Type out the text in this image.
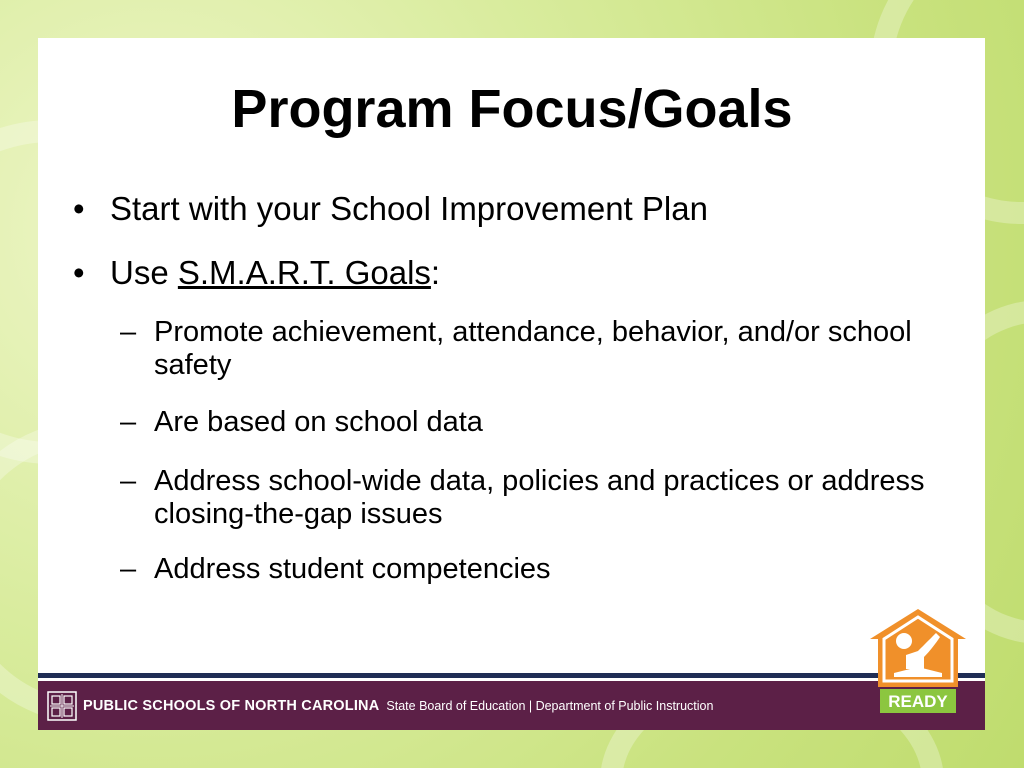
Program Focus/Goals
• Start with your School Improvement Plan
• Use S.M.A.R.T. Goals:
– Promote achievement, attendance, behavior, and/or school safety
– Are based on school data
– Address school-wide data, policies and practices or address closing-the-gap issues
– Address student competencies
PUBLIC SCHOOLS OF NORTH CAROLINA State Board of Education | Department of Public Instruction	READY
